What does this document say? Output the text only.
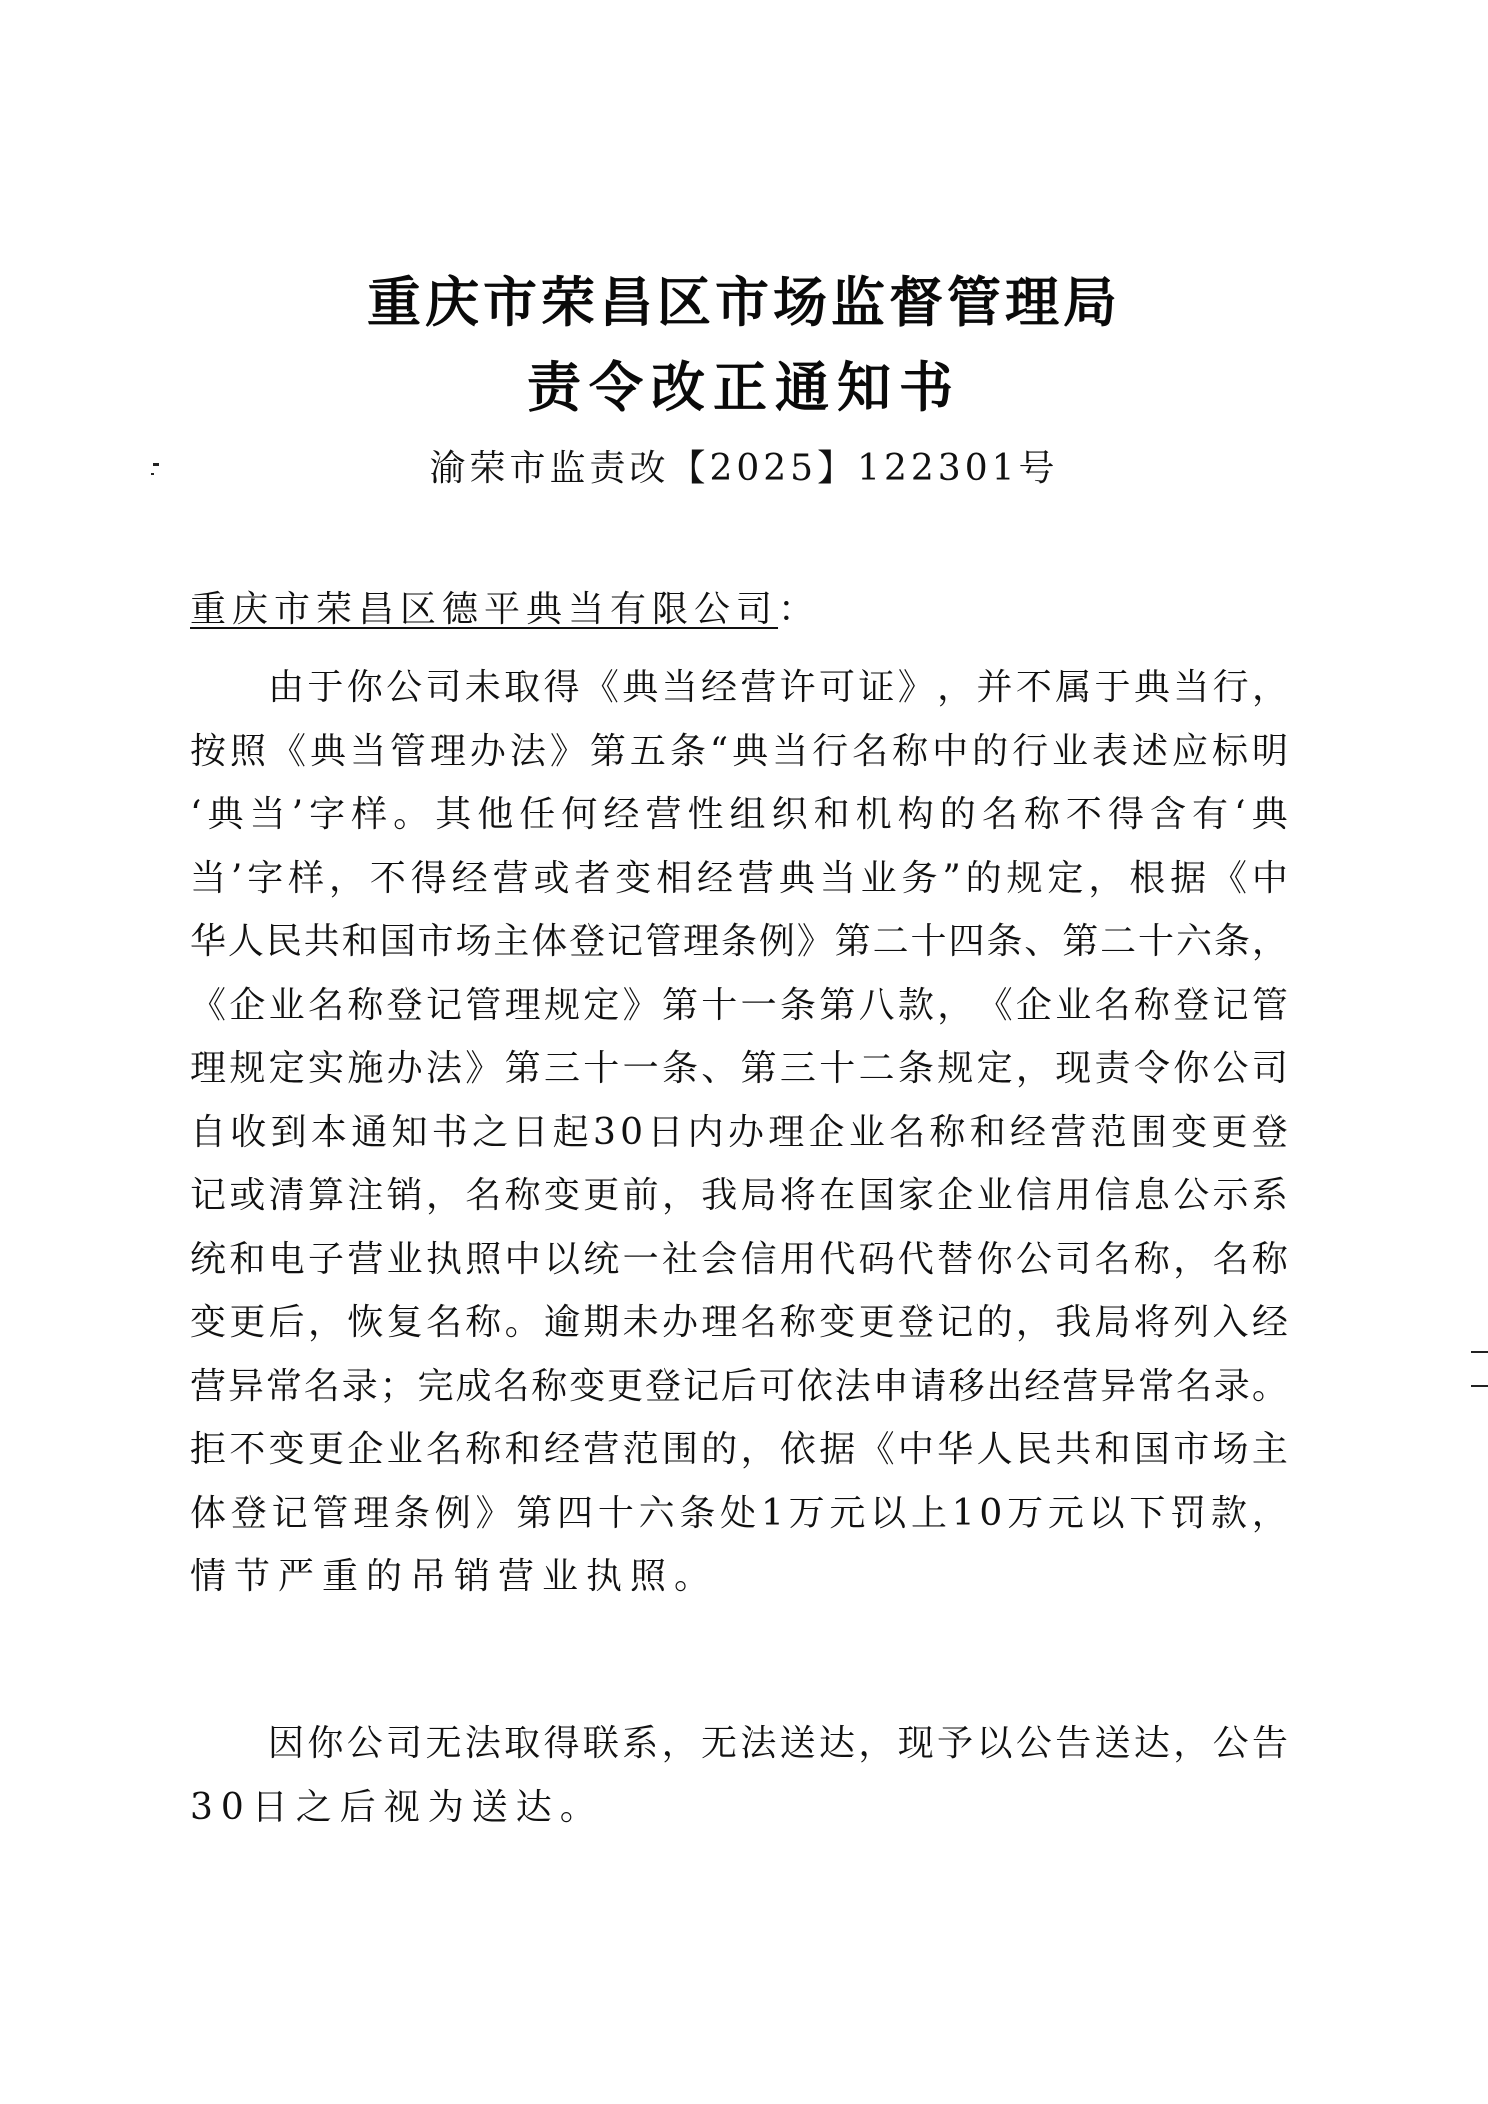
重庆市荣昌区市场监督管理局
责令改正通知书
渝荣市监责改【2025】122301号
重庆市荣昌区德平典当有限公司：
由 于 你 公 司 未 取 得 《 典 当 经 营 许 可 证 》 ， 并 不 属 于 典 当 行 ，
按 照 《 典 当 管 理 办 法 》 第 五 条 “ 典 当 行 名 称 中 的 行 业 表 述 应 标 明
‘ 典 当 ’ 字 样 。 其 他 任 何 经 营 性 组 织 和 机 构 的 名 称 不 得 含 有 ‘ 典
当 ’ 字 样 ， 不 得 经 营 或 者 变 相 经 营 典 当 业 务 ” 的 规 定 ， 根 据 《 中
华 人 民 共 和 国 市 场 主 体 登 记 管 理 条 例 》 第 二 十 四 条 、 第 二 十 六 条 ，
《 企 业 名 称 登 记 管 理 规 定 》 第 十 一 条 第 八 款 ， 《 企 业 名 称 登 记 管
理 规 定 实 施 办 法 》 第 三 十 一 条 、 第 三 十 二 条 规 定 ， 现 责 令 你 公 司
自 收 到 本 通 知 书 之 日 起 3 0 日 内 办 理 企 业 名 称 和 经 营 范 围 变 更 登
记 或 清 算 注 销 ， 名 称 变 更 前 ， 我 局 将 在 国 家 企 业 信 用 信 息 公 示 系
统 和 电 子 营 业 执 照 中 以 统 一 社 会 信 用 代 码 代 替 你 公 司 名 称 ， 名 称
变 更 后 ， 恢 复 名 称 。 逾 期 未 办 理 名 称 变 更 登 记 的 ， 我 局 将 列 入 经
营 异 常 名 录 ； 完 成 名 称 变 更 登 记 后 可 依 法 申 请 移 出 经 营 异 常 名 录 。
拒 不 变 更 企 业 名 称 和 经 营 范 围 的 ， 依 据 《 中 华 人 民 共 和 国 市 场 主
体 登 记 管 理 条 例 》 第 四 十 六 条 处 1 万 元 以 上 1 0 万 元 以 下 罚 款 ，
情节严重的吊销营业执照。
因 你 公 司 无 法 取 得 联 系 ， 无 法 送 达 ， 现 予 以 公 告 送 达 ， 公 告
30日之后视为送达。
